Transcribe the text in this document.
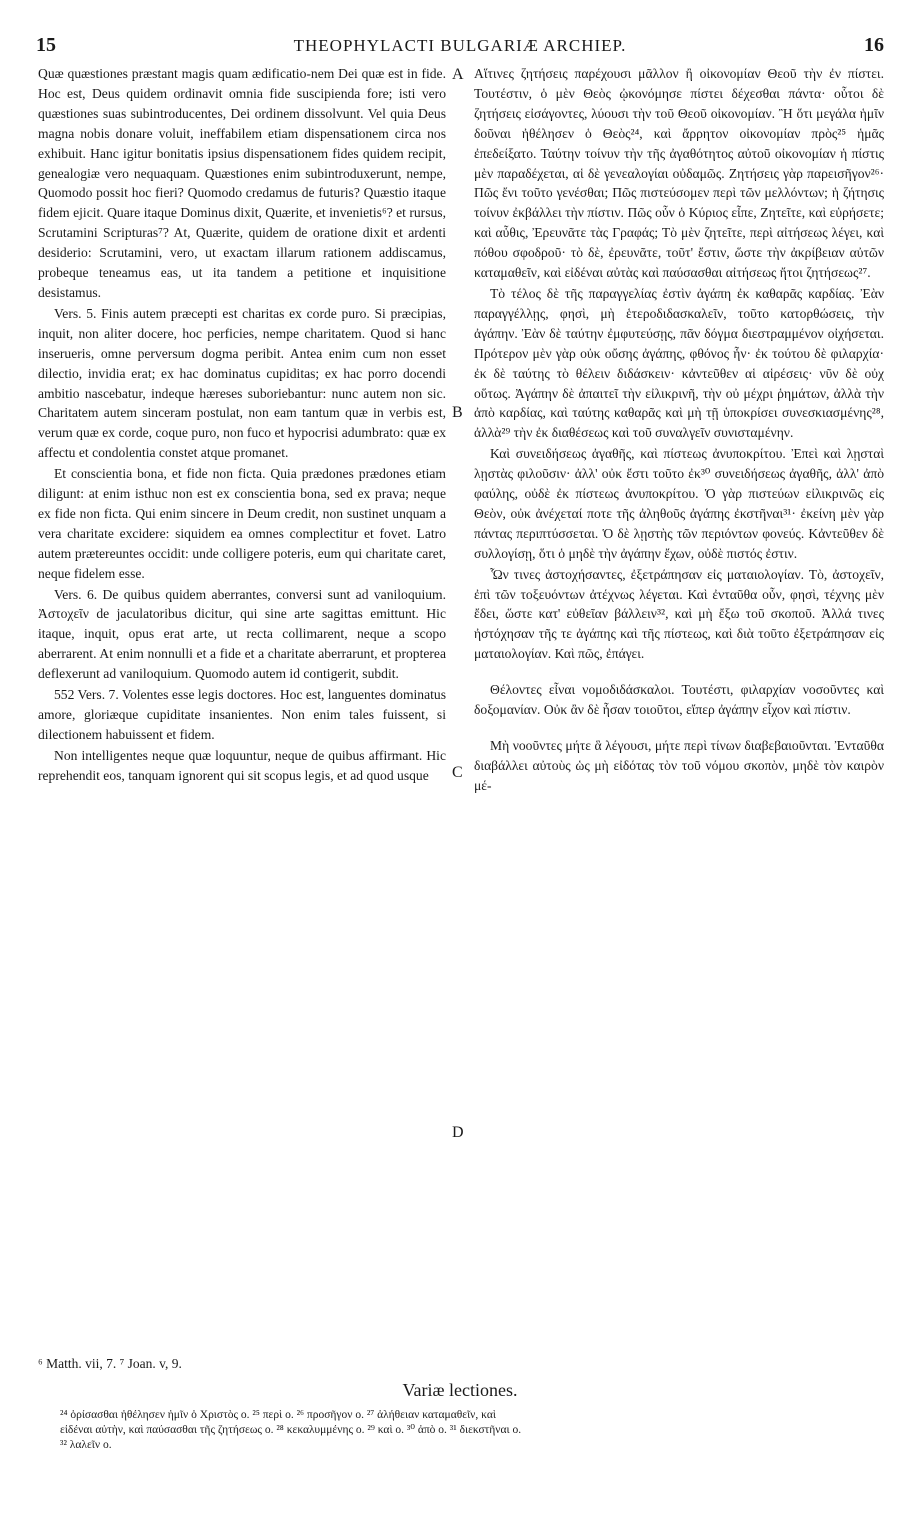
15	THEOPHYLACTI BULGARIÆ ARCHIEP.	16
A
B
C
D

Quæ quæstiones præstant magis quam ædificatio-nem Dei quæ est in fide. Hoc est, Deus quidem ordinavit omnia fide suscipienda fore; isti vero quæstiones suas subintroducentes, Dei ordinem dissolvunt. Vel quia Deus magna nobis donare voluit, ineffabilem etiam dispensationem circa nos exhibuit. Hanc igitur bonitatis ipsius dispensationem fides quidem recipit, genealogiæ vero nequaquam. Quæstiones enim subintroduxerunt, nempe, Quomodo possit hoc fieri? Quomodo credamus de futuris? Quæstio itaque fidem ejicit. Quare itaque Dominus dixit, Quærite, et invenietis⁶? et rursus, Scrutamini Scripturas⁷? At, Quærite, quidem de oratione dixit et ardenti desiderio: Scrutamini, vero, ut exactam illarum rationem addiscamus, probeque teneamus eas, ut ita tandem a petitione et inquisitione desistamus.

Vers. 5. Finis autem præcepti est charitas ex corde puro. Si præcipias, inquit, non aliter docere, hoc perficies, nempe charitatem. Quod si hanc inserueris, omne perversum dogma peribit. Antea enim cum non esset dilectio, invidia erat; ex hac dominatus cupiditas; ex hac porro docendi ambitio nascebatur, indeque hæreses suboriebantur: nunc autem non sic. Charitatem autem sinceram postulat, non eam tantum quæ in verbis est, verum quæ ex corde, coque puro, non fuco et hypocrisi adumbrato: quæ ex affectu et condolentia constet atque promanet.

Et conscientia bona, et fide non ficta. Quia prædones prædones etiam diligunt: at enim isthuc non est ex conscientia bona, sed ex prava; neque ex fide non ficta. Qui enim sincere in Deum credit, non sustinet unquam a vera charitate excidere: siquidem ea omnes complectitur et fovet. Latro autem prætereuntes occidit: unde colligere poteris, eum qui charitate caret, neque fidelem esse.

Vers. 6. De quibus quidem aberrantes, conversi sunt ad vaniloquium. Ἀστοχεῖν de jaculatoribus dicitur, qui sine arte sagittas emittunt. Hic itaque, inquit, opus erat arte, ut recta collimarent, neque a scopo aberrarent. At enim nonnulli et a fide et a charitate aberrarunt, et propterea deflexerunt ad vaniloquium. Quomodo autem id contigerit, subdit.

552 Vers. 7. Volentes esse legis doctores. Hoc est, languentes dominatus amore, gloriæque cupiditate insanientes. Non enim tales fuissent, si dilectionem habuissent et fidem.

Non intelligentes neque quæ loquuntur, neque de quibus affirmant. Hic reprehendit eos, tanquam ignorent qui sit scopus legis, et ad quod usque

Αἵτινες ζητήσεις παρέχουσι μᾶλλον ἢ οἰκονομίαν Θεοῦ τὴν ἐν πίστει. Τουτέστιν, ὁ μὲν Θεὸς ᾠκονόμησε πίστει δέχεσθαι πάντα· οὗτοι δὲ ζητήσεις εἰσάγοντες, λύουσι τὴν τοῦ Θεοῦ οἰκονομίαν. Ἢ ὅτι μεγάλα ἡμῖν δοῦναι ἠθέλησεν ὁ Θεὸς²⁴, καὶ ἄρρητον οἰκονομίαν πρὸς²⁵ ἡμᾶς ἐπεδείξατο. Ταύτην τοίνυν τὴν τῆς ἀγαθότητος αὐτοῦ οἰκονομίαν ἡ πίστις μὲν παραδέχεται, αἱ δὲ γενεαλογίαι οὐδαμῶς. Ζητήσεις γὰρ παρεισῆγον²⁶· Πῶς ἔνι τοῦτο γενέσθαι; Πῶς πιστεύσομεν περὶ τῶν μελλόντων; ἡ ζήτησις τοίνυν ἐκβάλλει τὴν πίστιν. Πῶς οὖν ὁ Κύριος εἶπε, Ζητεῖτε, καὶ εὑρήσετε; καὶ αὖθις, Ἐρευνᾶτε τὰς Γραφάς; Τὸ μὲν ζητεῖτε, περὶ αἰτήσεως λέγει, καὶ πόθου σφοδροῦ· τὸ δὲ, ἐρευνᾶτε, τοῦτ' ἔστιν, ὥστε τὴν ἀκρίβειαν αὐτῶν καταμαθεῖν, καὶ εἰδέναι αὐτὰς καὶ παύσασθαι αἰτήσεως ἤτοι ζητήσεως²⁷.

Τὸ τέλος δὲ τῆς παραγγελίας ἐστὶν ἀγάπη ἐκ καθαρᾶς καρδίας. Ἐὰν παραγγέλλῃς, φησὶ, μὴ ἑτεροδιδασκαλεῖν, τοῦτο κατορθώσεις, τὴν ἀγάπην. Ἐὰν δὲ ταύτην ἐμφυτεύσῃς, πᾶν δόγμα διεστραμμένον οἰχήσεται. Πρότερον μὲν γὰρ οὐκ οὔσης ἀγάπης, φθόνος ἦν· ἐκ τούτου δὲ φιλαρχία· ἐκ δὲ ταύτης τὸ θέλειν διδάσκειν· κἀντεῦθεν αἱ αἱρέσεις· νῦν δὲ οὐχ οὕτως. Ἀγάπην δὲ ἀπαιτεῖ τὴν εἰλικρινῆ, τὴν οὐ μέχρι ῥημάτων, ἀλλὰ τὴν ἀπὸ καρδίας, καὶ ταύτης καθαρᾶς καὶ μὴ τῇ ὑποκρίσει συνεσκιασμένης²⁸, ἀλλὰ²⁹ τὴν ἐκ διαθέσεως καὶ τοῦ συναλγεῖν συνισταμένην.

Καὶ συνειδήσεως ἀγαθῆς, καὶ πίστεως ἀνυποκρίτου. Ἐπεὶ καὶ λῃσταὶ λῃστὰς φιλοῦσιν· ἀλλ' οὐκ ἔστι τοῦτο ἐκ³⁰ συνειδήσεως ἀγαθῆς, ἀλλ' ἀπὸ φαύλης, οὐδὲ ἐκ πίστεως ἀνυποκρίτου. Ὁ γὰρ πιστεύων εἰλικρινῶς εἰς Θεὸν, οὐκ ἀνέχεταί ποτε τῆς ἀληθοῦς ἀγάπης ἐκστῆναι³¹· ἐκείνη μὲν γὰρ πάντας περιπτύσσεται. Ὁ δὲ λῃστὴς τῶν περιόντων φονεύς. Κἀντεῦθεν δὲ συλλογίσῃ, ὅτι ὁ μηδὲ τὴν ἀγάπην ἔχων, οὐδὲ πιστός ἐστιν.

Ὧν τινες ἀστοχήσαντες, ἐξετράπησαν εἰς ματαιολογίαν. Τὸ, ἀστοχεῖν, ἐπὶ τῶν τοξευόντων ἀτέχνως λέγεται. Καὶ ἐνταῦθα οὖν, φησὶ, τέχνης μὲν ἔδει, ὥστε κατ' εὐθεῖαν βάλλειν³², καὶ μὴ ἔξω τοῦ σκοποῦ. Ἀλλά τινες ἠστόχησαν τῆς τε ἀγάπης καὶ τῆς πίστεως, καὶ διὰ τοῦτο ἐξετράπησαν εἰς ματαιολογίαν. Καὶ πῶς, ἐπάγει.

Θέλοντες εἶναι νομοδιδάσκαλοι. Τουτέστι, φιλαρχίαν νοσοῦντες καὶ δοξομανίαν. Οὐκ ἂν δὲ ἦσαν τοιοῦτοι, εἴπερ ἀγάπην εἶχον καὶ πίστιν.

Μὴ νοοῦντες μήτε ἃ λέγουσι, μήτε περὶ τίνων διαβεβαιοῦνται. Ἐνταῦθα διαβάλλει αὐτοὺς ὡς μὴ εἰδότας τὸν τοῦ νόμου σκοπὸν, μηδὲ τὸν καιρὸν μέ-

⁶ Matth. vii, 7. ⁷ Joan. v, 9.
Variæ lectiones.

²⁴ ὁρίσασθαι ἠθέλησεν ἡμῖν ὁ Χριστὸς ο. ²⁵ περὶ ο. ²⁶ προσῆγον ο. ²⁷ ἀλήθειαν καταμαθεῖν, καὶ

εἰδέναι αὐτὴν, καὶ παύσασθαι τῆς ζητήσεως ο. ²⁸ κεκαλυμμένης ο. ²⁹ καὶ ο. ³⁰ ἀπὸ ο. ³¹ διεκστῆναι ο.

³² λαλεῖν ο.
